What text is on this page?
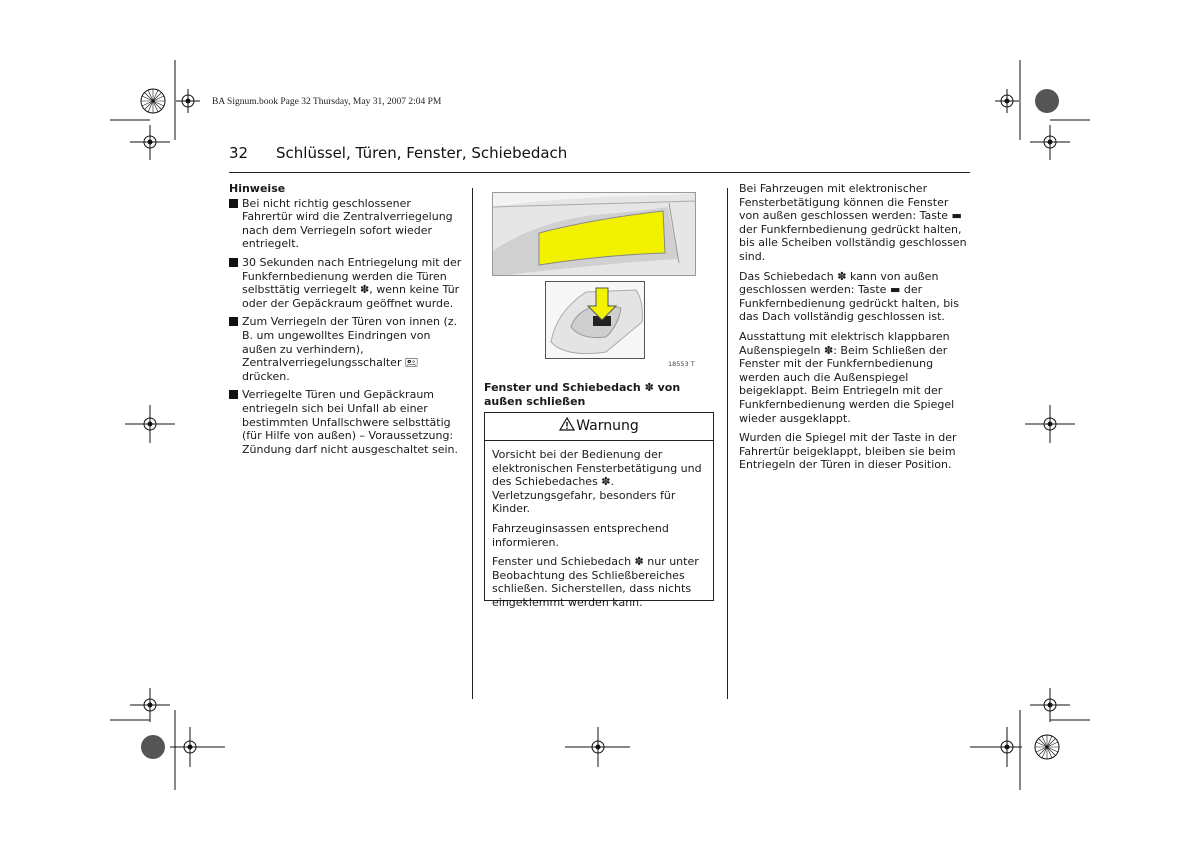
BA Signum.book Page 32 Thursday, May 31, 2007 2:04 PM
32 Schlüssel, Türen, Fenster, Schiebedach
Hinweise
Bei nicht richtig geschlossener Fahrertür wird die Zentralverriegelung nach dem Verriegeln sofort wieder entriegelt.
30 Sekunden nach Entriegelung mit der Funkfernbedienung werden die Türen selbsttätig verriegelt ✽, wenn keine Tür oder der Gepäckraum geöffnet wurde.
Zum Verriegeln der Türen von innen (z. B. um ungewolltes Eindringen von außen zu verhindern), Zentralverriegelungsschalter 🖭 drücken.
Verriegelte Türen und Gepäckraum entriegeln sich bei Unfall ab einer bestimmten Unfallschwere selbsttätig (für Hilfe von außen) – Voraussetzung: Zündung darf nicht ausgeschaltet sein.
18553 T
Fenster und Schiebedach ✽ von außen schließen
Warnung

Vorsicht bei der Bedienung der elektronischen Fensterbetätigung und des Schiebedaches ✽. Verletzungsgefahr, besonders für Kinder.

Fahrzeuginsassen entsprechend informieren.

Fenster und Schiebedach ✽ nur unter Beobachtung des Schließbereiches schließen. Sicherstellen, dass nichts eingeklemmt werden kann.

Bei Fahrzeugen mit elektronischer Fensterbetätigung können die Fenster von außen geschlossen werden: Taste ▬ der Funkfernbedienung gedrückt halten, bis alle Scheiben vollständig geschlossen sind.

Das Schiebedach ✽ kann von außen geschlossen werden: Taste ▬ der Funkfernbedienung gedrückt halten, bis das Dach vollständig geschlossen ist.

Ausstattung mit elektrisch klappbaren Außenspiegeln ✽: Beim Schließen der Fenster mit der Funkfernbedienung werden auch die Außenspiegel beigeklappt. Beim Entriegeln mit der Funkfernbedienung werden die Spiegel wieder ausgeklappt.

Wurden die Spiegel mit der Taste in der Fahrertür beigeklappt, bleiben sie beim Entriegeln der Türen in dieser Position.
